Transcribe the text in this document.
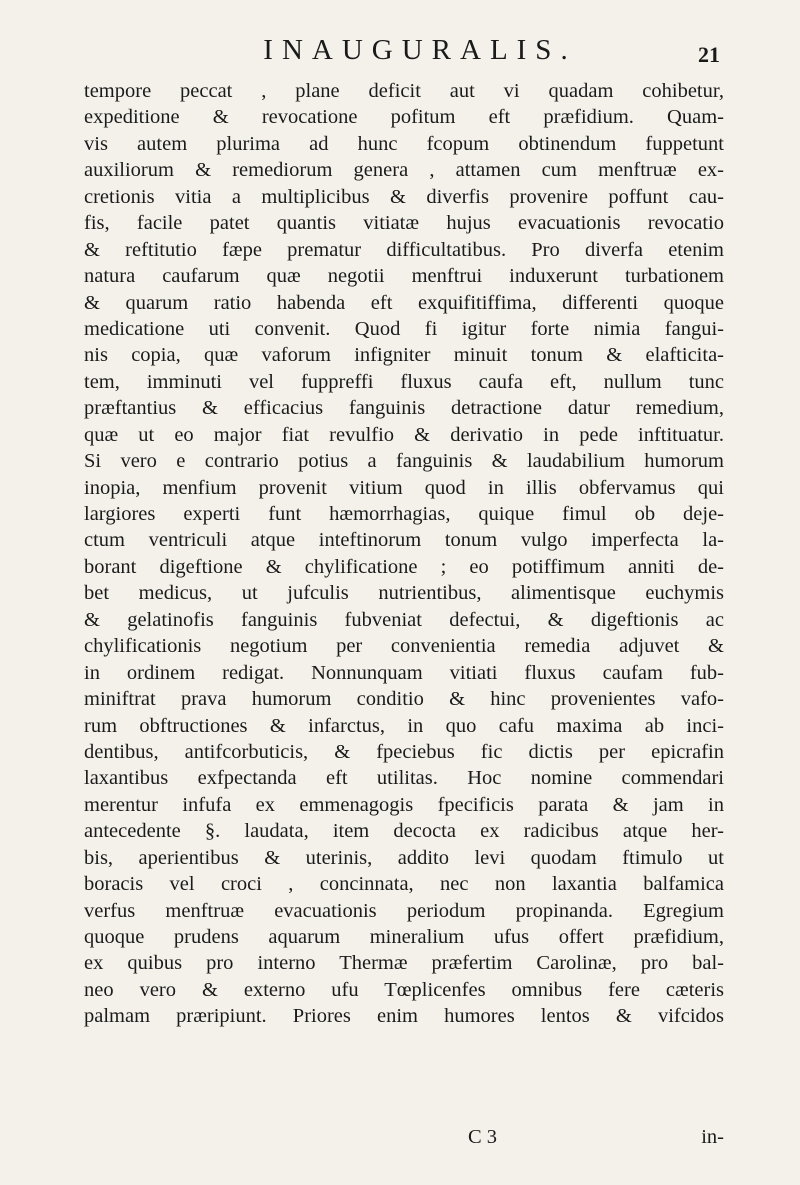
INAUGURALIS.	21
tempore peccat , plane deficit aut vi quadam cohibetur,
expeditione & revocatione pofitum eft præfidium. Quam-
vis autem plurima ad hunc fcopum obtinendum fuppetunt
auxiliorum & remediorum genera , attamen cum menftruæ ex-
cretionis vitia a multiplicibus & diverfis provenire poffunt cau-
fis, facile patet quantis vitiatæ hujus evacuationis revocatio
& reftitutio fæpe prematur difficultatibus. Pro diverfa etenim
natura caufarum quæ negotii menftrui induxerunt turbationem
& quarum ratio habenda eft exquifitiffima, differenti quoque
medicatione uti convenit. Quod fi igitur forte nimia fangui-
nis copia, quæ vaforum infigniter minuit tonum & elafticita-
tem, imminuti vel fuppreffi fluxus caufa eft, nullum tunc
præftantius & efficacius fanguinis detractione datur remedium,
quæ ut eo major fiat revulfio & derivatio in pede inftituatur.
Si vero e contrario potius a fanguinis & laudabilium humorum
inopia, menfium provenit vitium quod in illis obfervamus qui
largiores experti funt hæmorrhagias, quique fimul ob deje-
ctum ventriculi atque inteftinorum tonum vulgo imperfecta la-
borant digeftione & chylificatione ; eo potiffimum anniti de-
bet medicus, ut jufculis nutrientibus, alimentisque euchymis
& gelatinofis fanguinis fubveniat defectui, & digeftionis ac
chylificationis negotium per convenientia remedia adjuvet &
in ordinem redigat. Nonnunquam vitiati fluxus caufam fub-
miniftrat prava humorum conditio & hinc provenientes vafo-
rum obftructiones & infarctus, in quo cafu maxima ab inci-
dentibus, antifcorbuticis, & fpeciebus fic dictis per epicrafin
laxantibus exfpectanda eft utilitas. Hoc nomine commendari
merentur infufa ex emmenagogis fpecificis parata & jam in
antecedente §. laudata, item decocta ex radicibus atque her-
bis, aperientibus & uterinis, addito levi quodam ftimulo ut
boracis vel croci , concinnata, nec non laxantia balfamica
verfus menftruæ evacuationis periodum propinanda. Egregium
quoque prudens aquarum mineralium ufus offert præfidium,
ex quibus pro interno Thermæ præfertim Carolinæ, pro bal-
neo vero & externo ufu Tœplicenfes omnibus fere cæteris
palmam præripiunt. Priores enim humores lentos & vifcidos
C 3	in-
